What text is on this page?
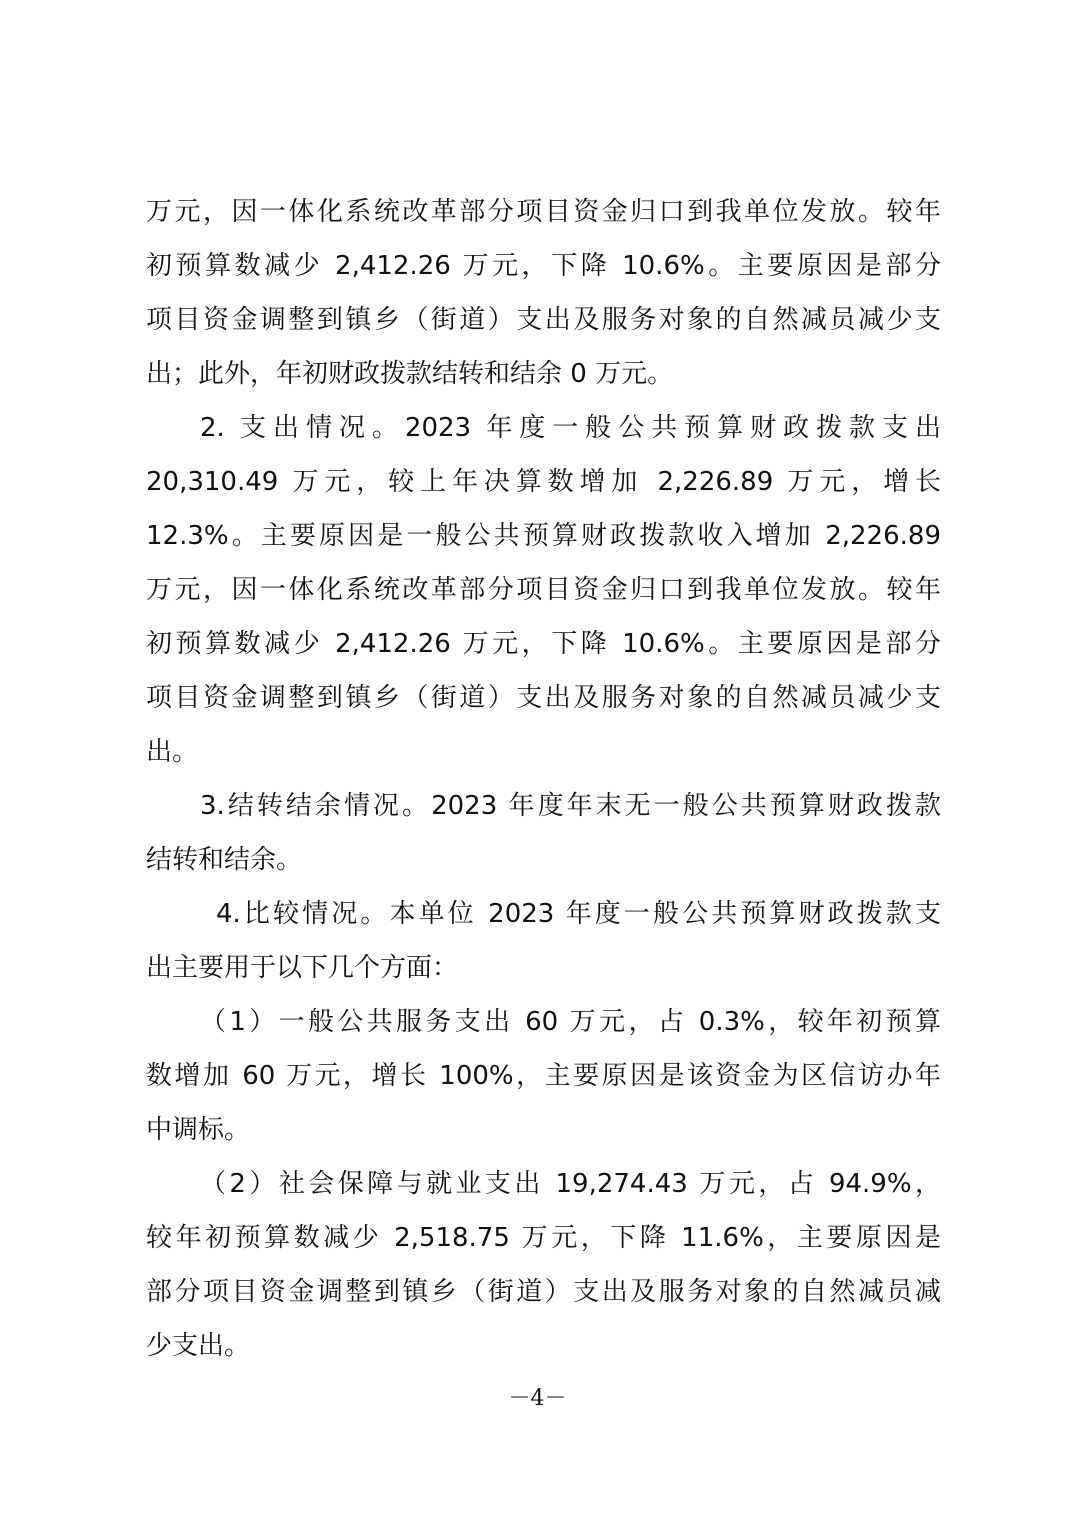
万元，因一体化系统改革部分项目资金归口到我单位发放。较年
初预算数减少 2,412.26 万元，下降 10.6%。主要原因是部分
项目资金调整到镇乡（街道）支出及服务对象的自然减员减少支
出；此外，年初财政拨款结转和结余 0 万元。
2. 支出情况。2023 年度一般公共预算财政拨款支出
20,310.49 万元，较上年决算数增加 2,226.89 万元，增长
12.3%。主要原因是一般公共预算财政拨款收入增加 2,226.89
万元，因一体化系统改革部分项目资金归口到我单位发放。较年
初预算数减少 2,412.26 万元，下降 10.6%。主要原因是部分
项目资金调整到镇乡（街道）支出及服务对象的自然减员减少支
出。
3.结转结余情况。2023 年度年末无一般公共预算财政拨款
结转和结余。
4.比较情况。本单位 2023 年度一般公共预算财政拨款支
出主要用于以下几个方面：
（1）一般公共服务支出 60 万元，占 0.3%，较年初预算
数增加 60 万元，增长 100%，主要原因是该资金为区信访办年
中调标。
（2）社会保障与就业支出 19,274.43 万元，占 94.9%，
较年初预算数减少 2,518.75 万元，下降 11.6%，主要原因是
部分项目资金调整到镇乡（街道）支出及服务对象的自然减员减
少支出。
－4－
